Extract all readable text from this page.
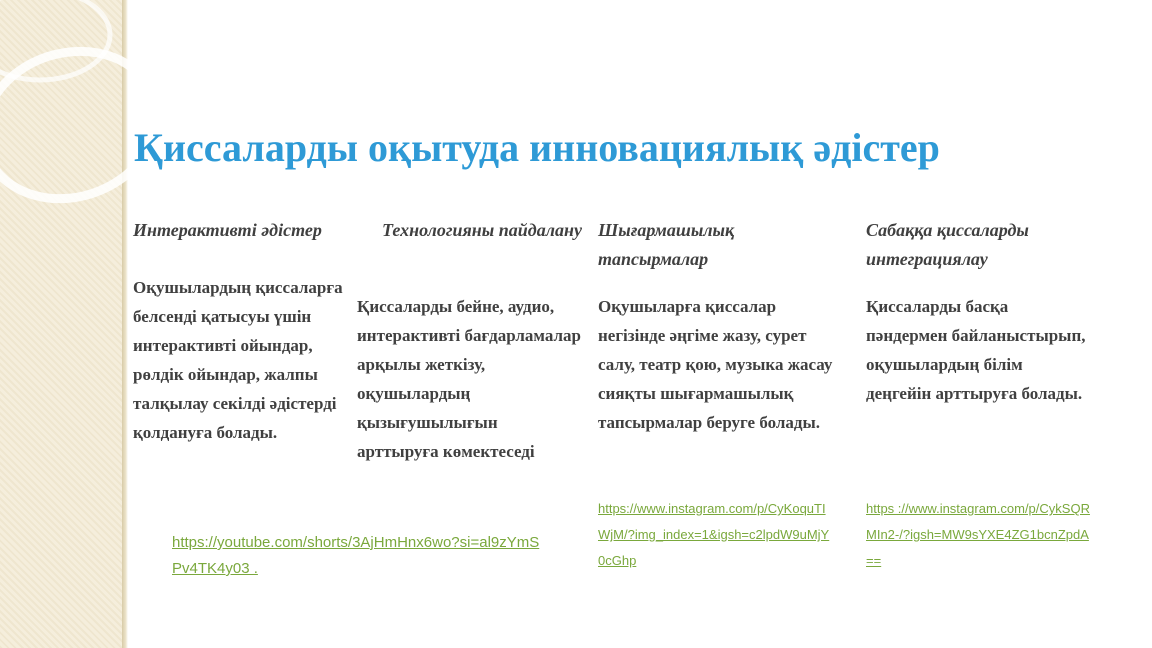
Қиссаларды оқытуда инновациялық әдістер
Интерактивті әдістер
Оқушылардың қиссаларға белсенді қатысуы үшін интерактивті ойындар, рөлдік ойындар, жалпы талқылау секілді әдістерді қолдануға болады.
https://youtube.com/shorts/3AjHmHnx6wo?si=al9zYmSPv4TK4y03 .
Технологияны пайдалану
Қиссаларды бейне, аудио, интерактивті бағдарламалар арқылы жеткізу, оқушылардың қызығушылығын арттыруға көмектеседі
Шығармашылық тапсырмалар
Оқушыларға қиссалар негізінде әңгіме жазу, сурет салу, театр қою, музыка жасау сияқты шығармашылық тапсырмалар беруге болады.
https://www.instagram.com/p/CyKoquTIWjM/?img_index=1&igsh=c2lpdW9uMjY0cGhp
Сабаққа қиссаларды интеграциялау
Қиссаларды басқа пәндермен байланыстырып, оқушылардың білім деңгейін арттыруға болады.
https ://www.instagram.com/p/CykSQRMIn2-/?igsh=MW9sYXE4ZG1bcnZpdA==
